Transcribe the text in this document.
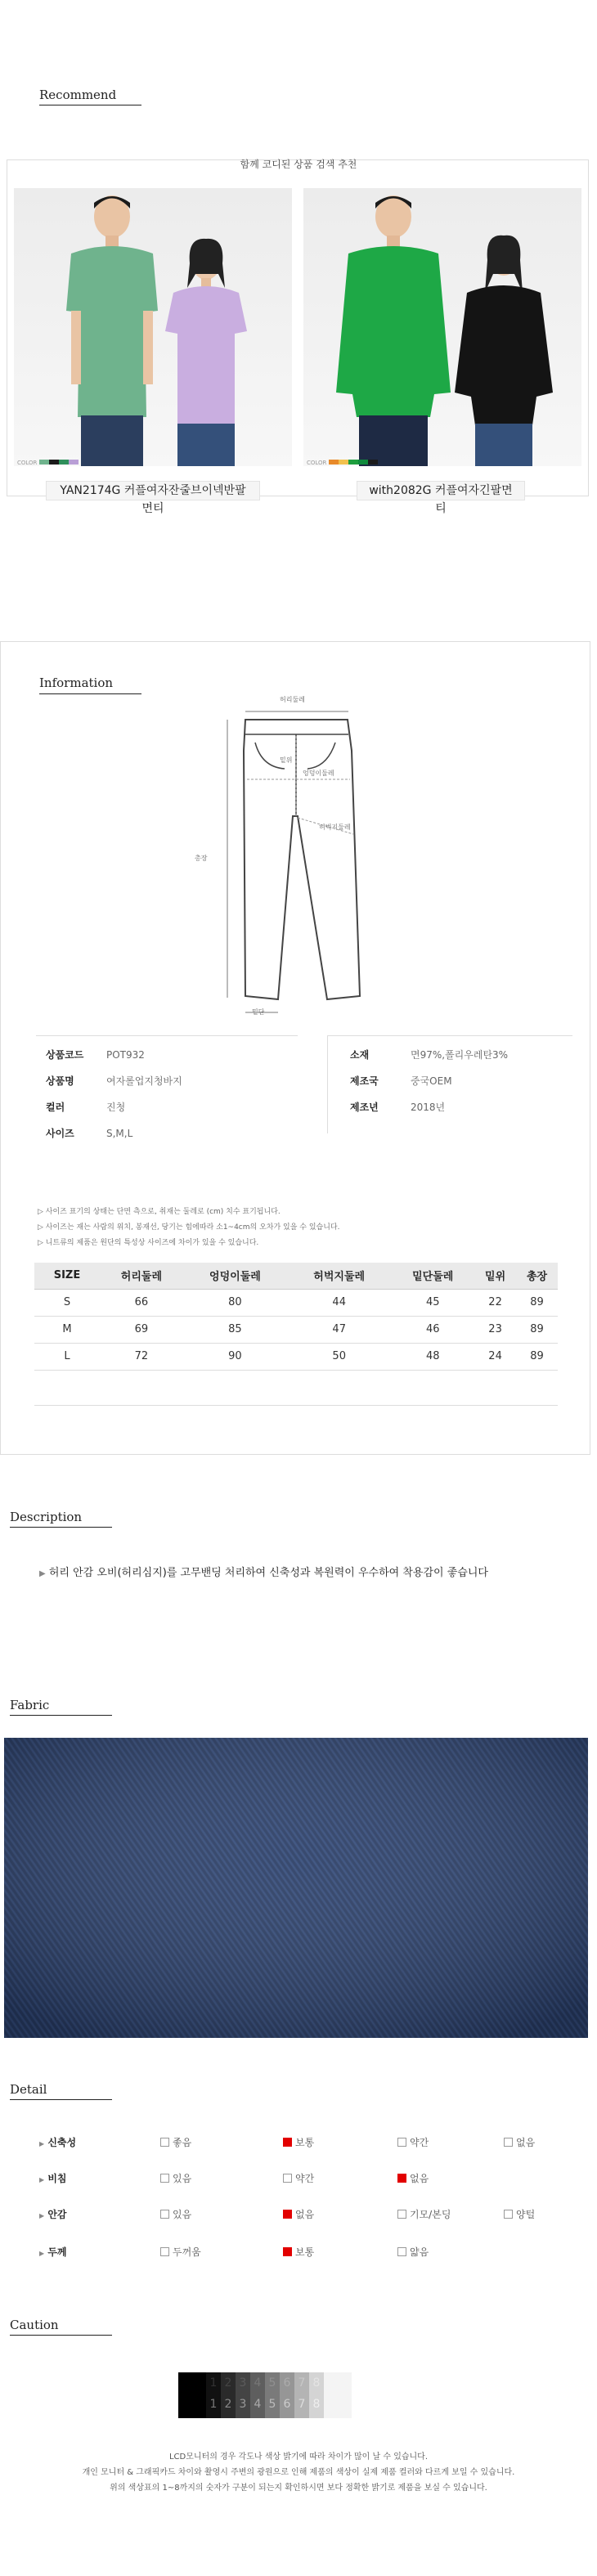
Recommend
함께 코디된 상품 검색 추천
COLOR	COLOR
YAN2174G 커플여자잔줄브이넥반팔면티
with2082G 커플여자긴팔면티
Information
허리둘레
총장
밑위
엉덩이둘레
허벅지둘레
밑단
상품코드 POT932
상품명	여자롤업지청바지
컬러	진청
사이즈	S,M,L
소재	면97%,폴리우레탄3%
제조국	중국OEM
제조년	2018년
▷ 사이즈 표기의 상태는 단면 측으로, 취재는 둘레로 (cm) 치수 표기됩니다.
▷ 사이즈는 재는 사람의 위치, 봉재선, 당기는 힘에따라 소1~4cm의 오차가 있을 수 있습니다.
▷ 니트류의 제품은 원단의 특성상 사이즈에 차이가 있을 수 있습니다.
SIZE	허리둘레	엉덩이둘레	허벅지둘레	밑단둘레	밑위	총장
S	66	80	44	45	22	89
M	69	85	47	46	23	89
L	72	90	50	48	24	89
Description
▶ 허리 안감 오비(허리심지)를 고무밴딩 처리하여 신축성과 복원력이 우수하여 착용감이 좋습니다
Fabric
Detail
▶ 신축성	좋음	보통	약간	없음
▶ 비침	있음	약간	없음
▶ 안감	있음	없음	기모/본딩	양털
▶ 두께	두꺼움	보통	얇음
Caution
1
1
2
2
3
3
4
4
5
5
6
6
7
7
8
8
LCD모니터의 경우 각도나 색상 밝기에 따라 차이가 많이 날 수 있습니다.
개인 모니터 & 그래픽카드 차이와 촬영시 주변의 광원으로 인해 제품의 색상이 실제 제품 컬러와 다르게 보일 수 있습니다.
위의 색상표의 1~8까지의 숫자가 구분이 되는지 확인하시면 보다 정확한 밝기로 제품을 보실 수 있습니다.
